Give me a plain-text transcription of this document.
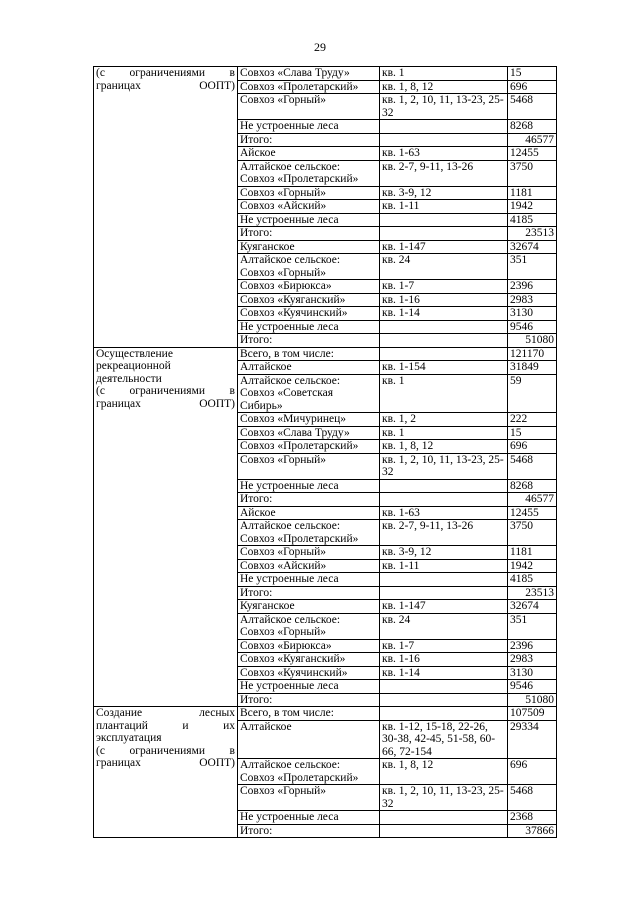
29
(с ограничениями в
границах ООПТ)	Совхоз «Слава Труду»	кв. 1	15
	Совхоз «Пролетарский»	кв. 1, 8, 12	696
	Совхоз «Горный»	кв. 1, 2, 10, 11, 13-23, 25-32	5468
	Не устроенные леса		8268
	Итого:		46577
	Айское	кв. 1-63	12455
	Алтайское сельское: Совхоз «Пролетарский»	кв. 2-7, 9-11, 13-26	3750
	Совхоз «Горный»	кв. 3-9, 12	1181
	Совхоз «Айский»	кв. 1-11	1942
	Не устроенные леса		4185
	Итого:		23513
	Куяганское	кв. 1-147	32674
	Алтайское сельское: Совхоз «Горный»	кв. 24	351
	Совхоз «Бирюкса»	кв. 1-7	2396
	Совхоз «Куяганский»	кв. 1-16	2983
	Совхоз «Куячинский»	кв. 1-14	3130
	Не устроенные леса		9546
	Итого:		51080

Осуществление
рекреационной
деятельности
(с ограничениями в
границах ООПТ)	Всего, в том числе:		121170
	Алтайское	кв. 1-154	31849
	Алтайское сельское: Совхоз «Советская Сибирь»	кв. 1	59
	Совхоз «Мичуринец»	кв. 1, 2	222
	Совхоз «Слава Труду»	кв. 1	15
	Совхоз «Пролетарский»	кв. 1, 8, 12	696
	Совхоз «Горный»	кв. 1, 2, 10, 11, 13-23, 25-32	5468
	Не устроенные леса		8268
	Итого:		46577
	Айское	кв. 1-63	12455
	Алтайское сельское: Совхоз «Пролетарский»	кв. 2-7, 9-11, 13-26	3750
	Совхоз «Горный»	кв. 3-9, 12	1181
	Совхоз «Айский»	кв. 1-11	1942
	Не устроенные леса		4185
	Итого:		23513
	Куяганское	кв. 1-147	32674
	Алтайское сельское: Совхоз «Горный»	кв. 24	351
	Совхоз «Бирюкса»	кв. 1-7	2396
	Совхоз «Куяганский»	кв. 1-16	2983
	Совхоз «Куячинский»	кв. 1-14	3130
	Не устроенные леса		9546
	Итого:		51080

Создание лесных
плантаций и их
эксплуатация
(с ограничениями в
границах ООПТ)	Всего, в том числе:		107509
	Алтайское	кв. 1-12, 15-18, 22-26, 30-38, 42-45, 51-58, 60-66, 72-154	29334
	Алтайское сельское: Совхоз «Пролетарский»	кв. 1, 8, 12	696
	Совхоз «Горный»	кв. 1, 2, 10, 11, 13-23, 25-32	5468
	Не устроенные леса		2368
	Итого:		37866
